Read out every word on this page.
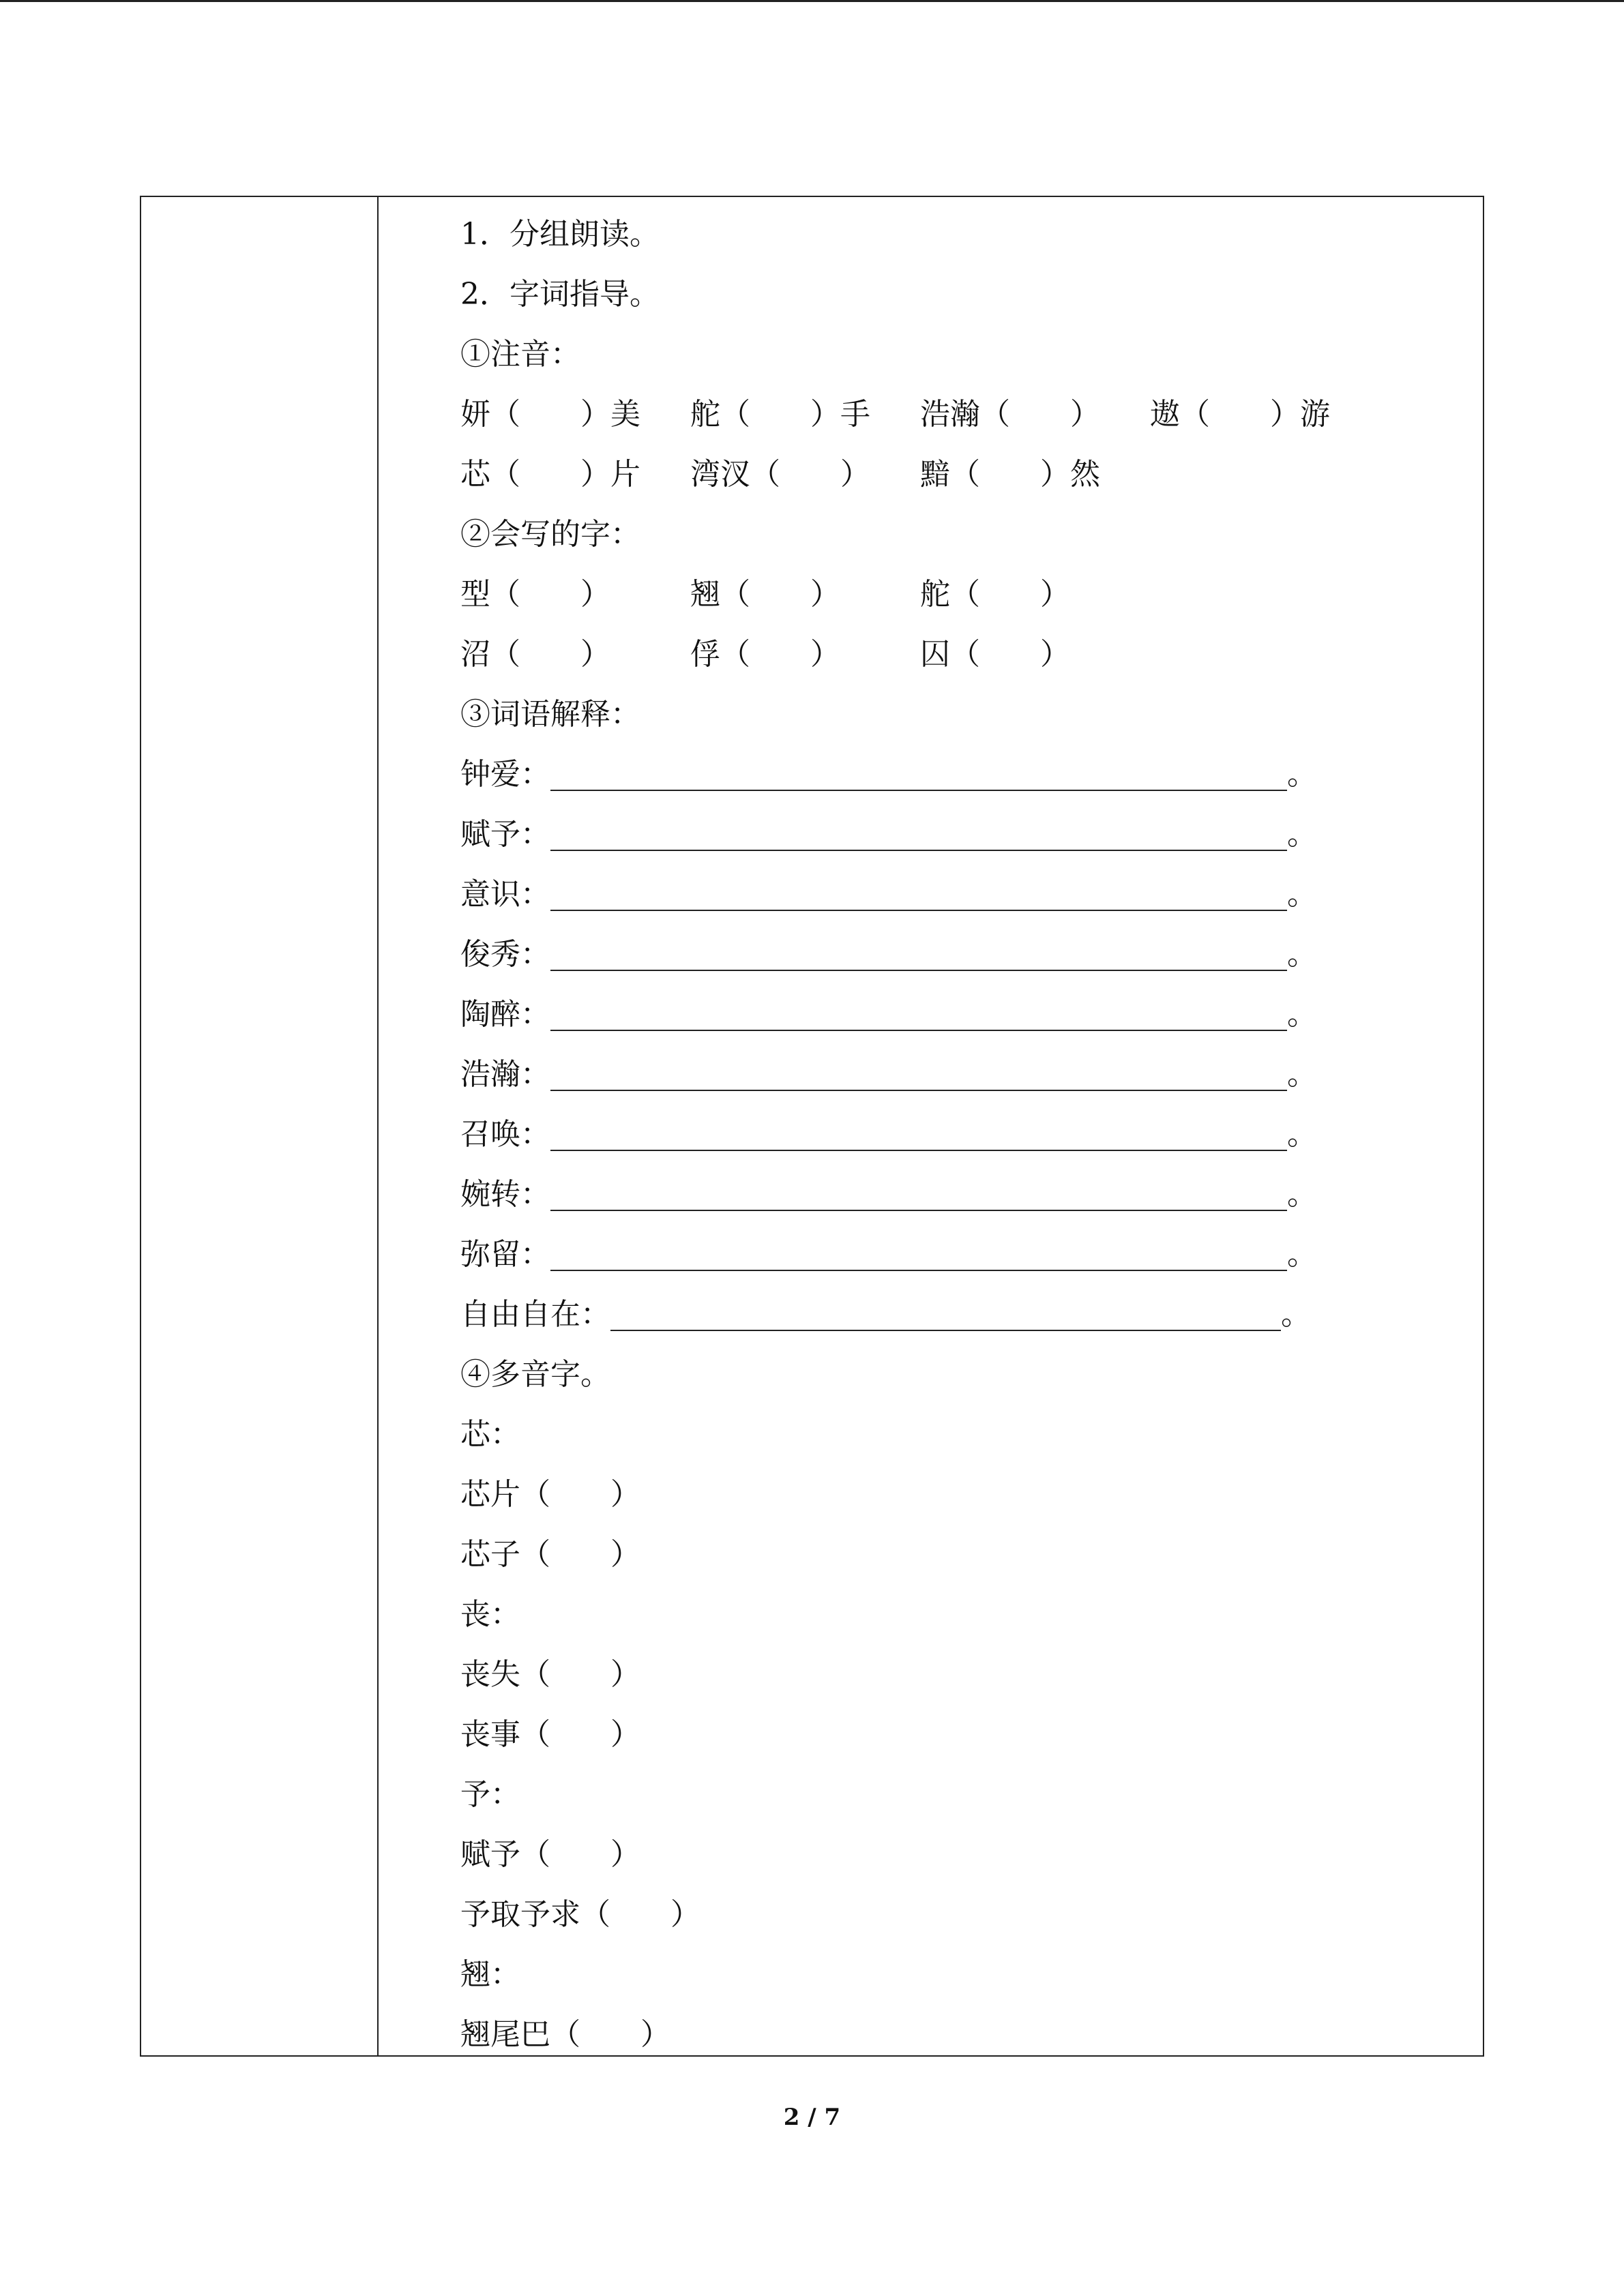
1．分组朗读。
2．字词指导。
①注音：
妍（　　）美	舵（　　）手	浩瀚（　　）	遨（　　）游
芯（　　）片	湾汊（　　）	黯（　　）然
②会写的字：
型（　　）	翘（　　）	舵（　　）
沼（　　）	俘（　　）	囚（　　）
③词语解释：
钟爱：	。
赋予：	。
意识：	。
俊秀：	。
陶醉：	。
浩瀚：	。
召唤：	。
婉转：	。
弥留：	。
自由自在：	。
④多音字。
芯：
芯片（　　）
芯子（　　）
丧：
丧失（　　）
丧事（　　）
予：
赋予（　　）
予取予求（　　）
翘：
翘尾巴（　　）
2 / 7
